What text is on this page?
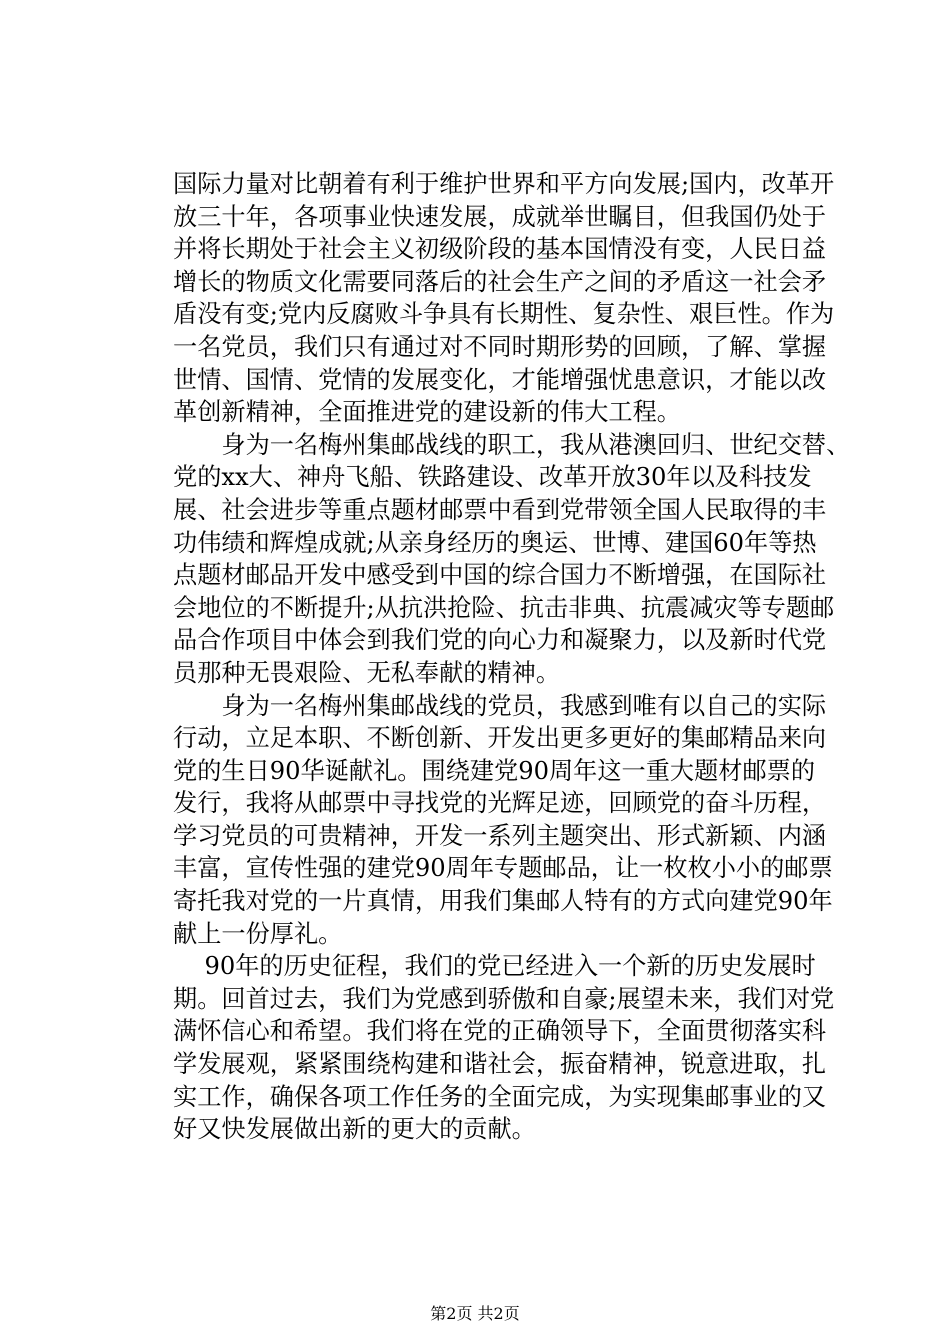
国际力量对比朝着有利于维护世界和平方向发展;国内，改革开
放三十年，各项事业快速发展，成就举世瞩目，但我国仍处于
并将长期处于社会主义初级阶段的基本国情没有变，人民日益
增长的物质文化需要同落后的社会生产之间的矛盾这一社会矛
盾没有变;党内反腐败斗争具有长期性、复杂性、艰巨性。作为
一名党员，我们只有通过对不同时期形势的回顾，了解、掌握
世情、国情、党情的发展变化，才能增强忧患意识，才能以改
革创新精神，全面推进党的建设新的伟大工程。
身为一名梅州集邮战线的职工，我从港澳回归、世纪交替、
党的xx大、神舟飞船、铁路建设、改革开放30年以及科技发
展、社会进步等重点题材邮票中看到党带领全国人民取得的丰
功伟绩和辉煌成就;从亲身经历的奥运、世博、建国60年等热
点题材邮品开发中感受到中国的综合国力不断增强，在国际社
会地位的不断提升;从抗洪抢险、抗击非典、抗震减灾等专题邮
品合作项目中体会到我们党的向心力和凝聚力，以及新时代党
员那种无畏艰险、无私奉献的精神。
身为一名梅州集邮战线的党员，我感到唯有以自己的实际
行动，立足本职、不断创新、开发出更多更好的集邮精品来向
党的生日90华诞献礼。围绕建党90周年这一重大题材邮票的
发行，我将从邮票中寻找党的光辉足迹，回顾党的奋斗历程，
学习党员的可贵精神，开发一系列主题突出、形式新颖、内涵
丰富，宣传性强的建党90周年专题邮品，让一枚枚小小的邮票
寄托我对党的一片真情，用我们集邮人特有的方式向建党90年
献上一份厚礼。
90年的历史征程，我们的党已经进入一个新的历史发展时
期。回首过去，我们为党感到骄傲和自豪;展望未来，我们对党
满怀信心和希望。我们将在党的正确领导下，全面贯彻落实科
学发展观，紧紧围绕构建和谐社会，振奋精神，锐意进取，扎
实工作，确保各项工作任务的全面完成，为实现集邮事业的又
好又快发展做出新的更大的贡献。
第2页 共2页
